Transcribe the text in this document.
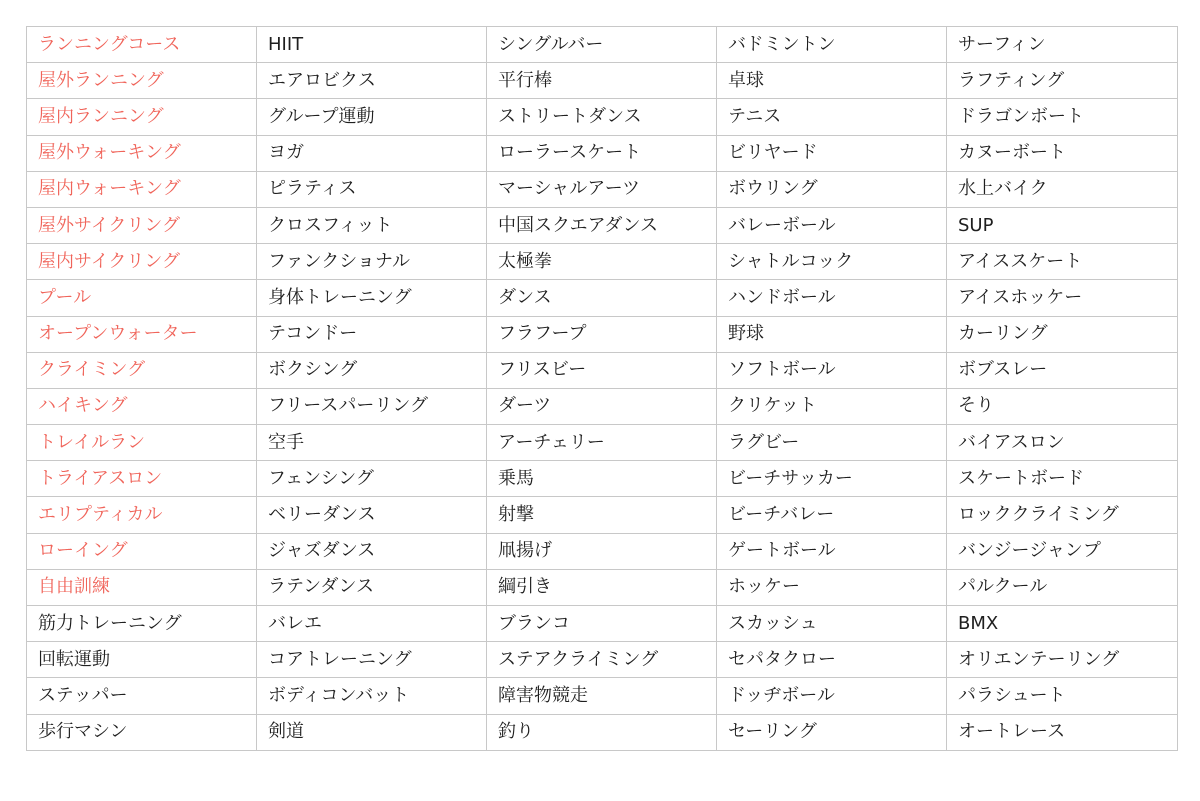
ランニングコース	HIIT	シングルバー	バドミントン	サーフィン
屋外ランニング	エアロビクス	平行棒	卓球	ラフティング
屋内ランニング	グループ運動	ストリートダンス	テニス	ドラゴンボート
屋外ウォーキング	ヨガ	ローラースケート	ビリヤード	カヌーボート
屋内ウォーキング	ピラティス	マーシャルアーツ	ボウリング	水上バイク
屋外サイクリング	クロスフィット	中国スクエアダンス	バレーボール	SUP
屋内サイクリング	ファンクショナル	太極拳	シャトルコック	アイススケート
プール	身体トレーニング	ダンス	ハンドボール	アイスホッケー
オープンウォーター	テコンドー	フラフープ	野球	カーリング
クライミング	ボクシング	フリスビー	ソフトボール	ボブスレー
ハイキング	フリースパーリング	ダーツ	クリケット	そり
トレイルラン	空手	アーチェリー	ラグビー	バイアスロン
トライアスロン	フェンシング	乗馬	ビーチサッカー	スケートボード
エリプティカル	ベリーダンス	射撃	ビーチバレー	ロッククライミング
ローイング	ジャズダンス	凧揚げ	ゲートボール	バンジージャンプ
自由訓練	ラテンダンス	綱引き	ホッケー	パルクール
筋力トレーニング	バレエ	ブランコ	スカッシュ	BMX
回転運動	コアトレーニング	ステアクライミング	セパタクロー	オリエンテーリング
ステッパー	ボディコンバット	障害物競走	ドッヂボール	パラシュート
歩行マシン	剣道	釣り	セーリング	オートレース
